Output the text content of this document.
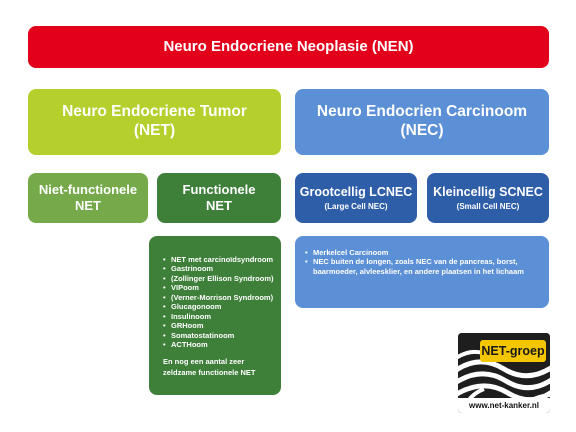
Neuro Endocriene Neoplasie (NEN)
Neuro Endocriene Tumor
(NET)
Neuro Endocrien Carcinoom
(NEC)
Niet-functionele
NET
Functionele
NET
Grootcellig LCNEC
(Large Cell NEC)
Kleincellig SCNEC
(Small Cell NEC)
• NET met carcinoïdsyndroom
• Gastrinoom
• (Zollinger Ellison Syndroom)
• VIPoom
• (Verner-Morrison Syndroom)
• Glucagonoom
• Insulinoom
• GRHoom
• Somatostatinoom
• ACTHoom
En nog een aantal zeer
zeldzame functionele NET
• Merkelcel Carcinoom
• NEC buiten de longen, zoals NEC van de pancreas, borst, baarmoeder, alvleesklier, en andere plaatsen in het lichaam
NET-groep
www.net-kanker.nl
